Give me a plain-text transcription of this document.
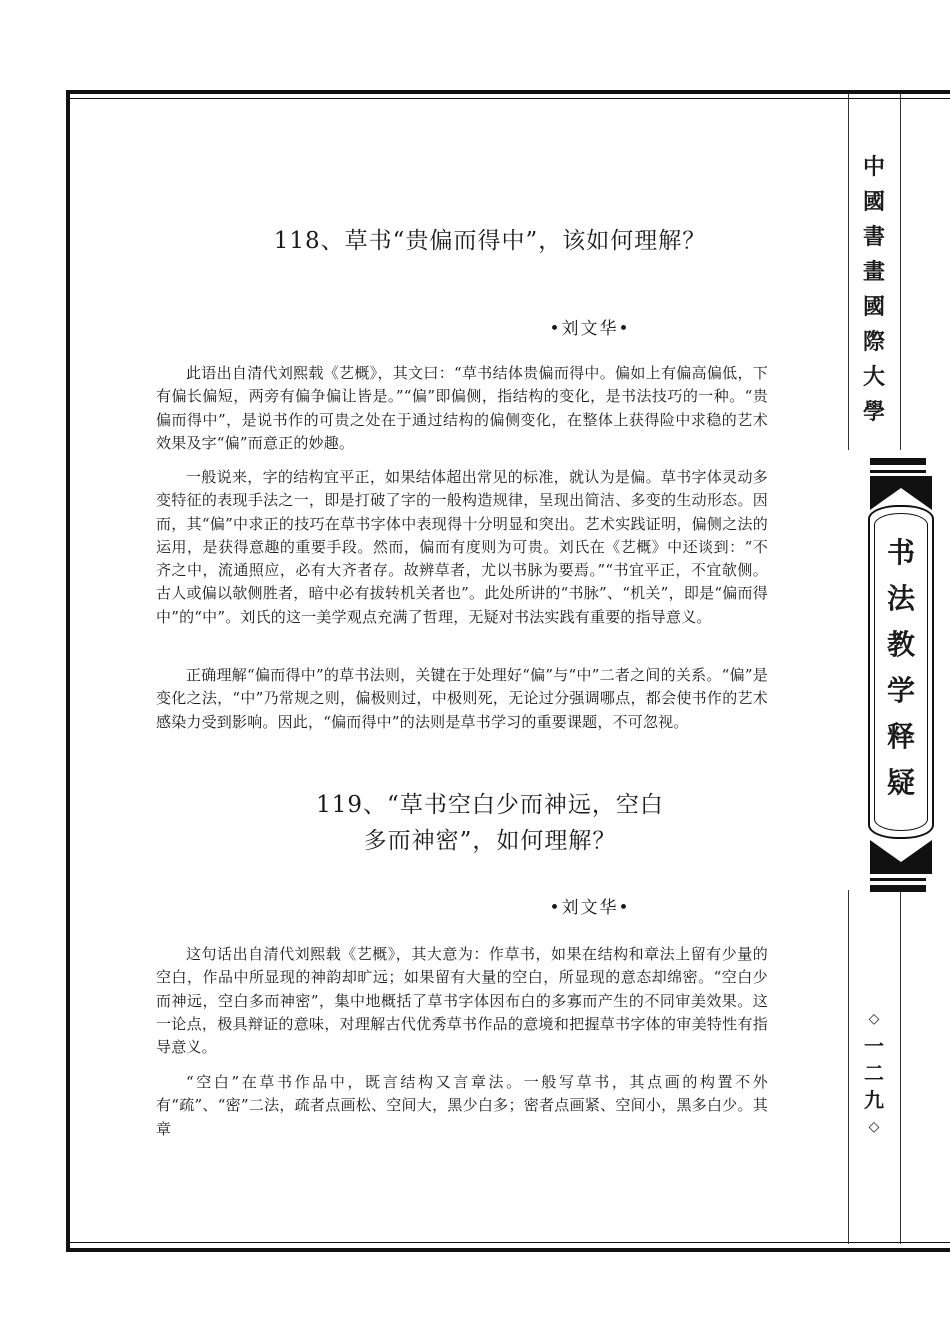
中
國
書
畫
國
際
大
學
书
法
教
学
释
疑
◇
一
二
九
◇
118、草书“贵偏而得中”，该如何理解？
•刘文华•

此语出自清代刘熙载《艺概》，其文曰：“草书结体贵偏而得中。偏如上有偏高偏低，下有偏长偏短，两旁有偏争偏让皆是。”“偏”即偏侧，指结构的变化，是书法技巧的一种。“贵偏而得中”，是说书作的可贵之处在于通过结构的偏侧变化，在整体上获得险中求稳的艺术效果及字“偏”而意正的妙趣。

一般说来，字的结构宜平正，如果结体超出常见的标准，就认为是偏。草书字体灵动多变特征的表现手法之一，即是打破了字的一般构造规律，呈现出简洁、多变的生动形态。因而，其“偏”中求正的技巧在草书字体中表现得十分明显和突出。艺术实践证明，偏侧之法的运用，是获得意趣的重要手段。然而，偏而有度则为可贵。刘氏在《艺概》中还谈到：“不齐之中，流通照应，必有大齐者存。故辨草者，尤以书脉为要焉。”“书宜平正，不宜欹侧。古人或偏以欹侧胜者，暗中必有拔转机关者也”。此处所讲的“书脉”、“机关”，即是“偏而得中”的“中”。刘氏的这一美学观点充满了哲理，无疑对书法实践有重要的指导意义。

正确理解“偏而得中”的草书法则，关键在于处理好“偏”与“中”二者之间的关系。“偏”是变化之法，“中”乃常规之则，偏极则过，中极则死，无论过分强调哪点，都会使书作的艺术感染力受到影响。因此，“偏而得中”的法则是草书学习的重要课题，不可忽视。

119、“草书空白少而神远，空白
多而神密”，如何理解？
•刘文华•

这句话出自清代刘熙载《艺概》，其大意为：作草书，如果在结构和章法上留有少量的空白，作品中所显现的神韵却旷远；如果留有大量的空白，所显现的意态却绵密。“空白少而神远，空白多而神密”，集中地概括了草书字体因布白的多寡而产生的不同审美效果。这一论点，极具辩证的意味，对理解古代优秀草书作品的意境和把握草书字体的审美特性有指导意义。

“空白”在草书作品中，既言结构又言章法。一般写草书，其点画的构置不外有“疏”、“密”二法，疏者点画松、空间大，黑少白多；密者点画紧、空间小，黑多白少。其章
